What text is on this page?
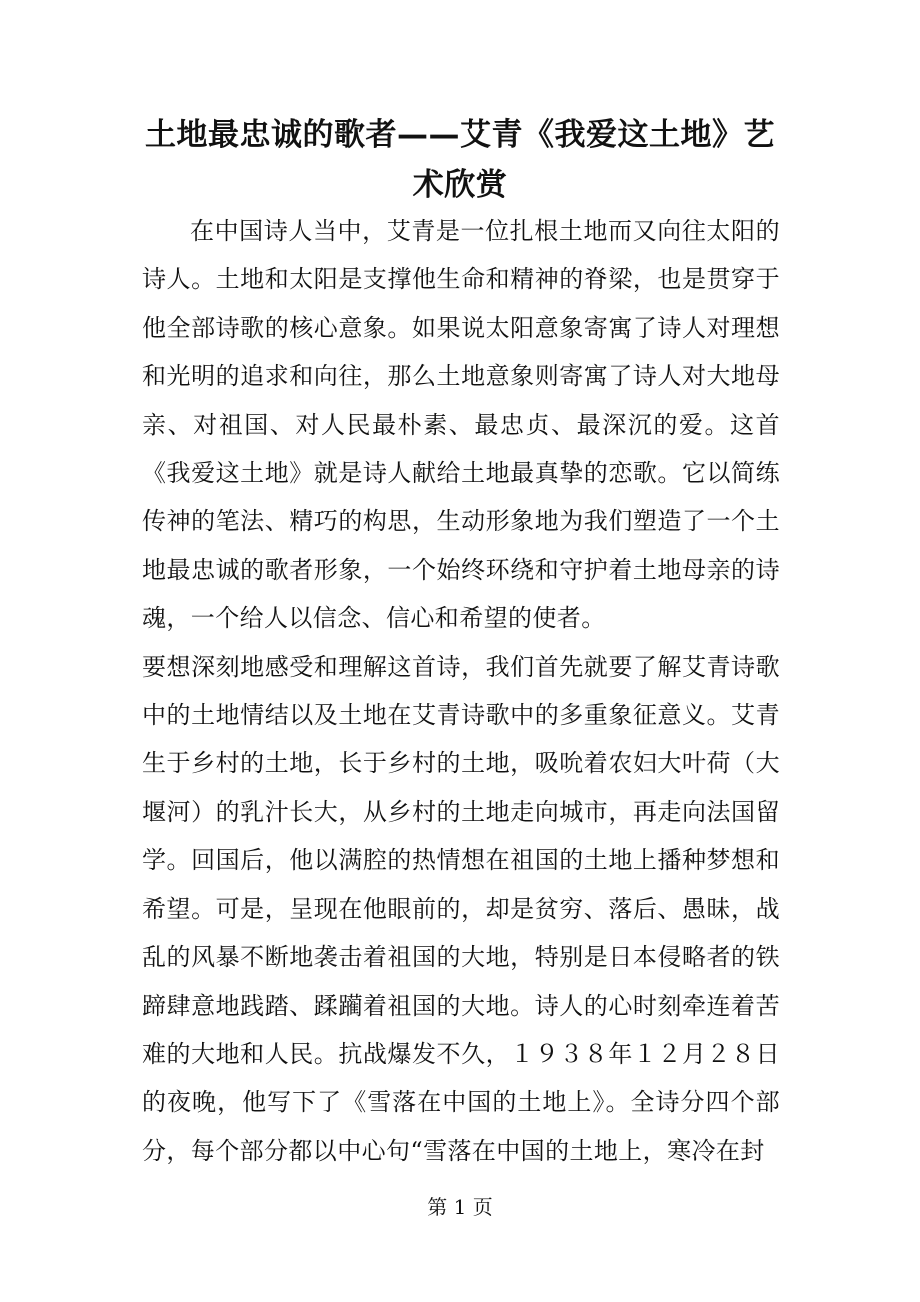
土地最忠诚的歌者——艾青《我爱这土地》艺术欣赏

在中国诗人当中，艾青是一位扎根土地而又向往太阳的诗人。土地和太阳是支撑他生命和精神的脊梁，也是贯穿于他全部诗歌的核心意象。如果说太阳意象寄寓了诗人对理想和光明的追求和向往，那么土地意象则寄寓了诗人对大地母亲、对祖国、对人民最朴素、最忠贞、最深沉的爱。这首《我爱这土地》就是诗人献给土地最真挚的恋歌。它以简练传神的笔法、精巧的构思，生动形象地为我们塑造了一个土地最忠诚的歌者形象，一个始终环绕和守护着土地母亲的诗魂，一个给人以信念、信心和希望的使者。

要想深刻地感受和理解这首诗，我们首先就要了解艾青诗歌中的土地情结以及土地在艾青诗歌中的多重象征意义。艾青生于乡村的土地，长于乡村的土地，吸吮着农妇大叶荷（大堰河）的乳汁长大，从乡村的土地走向城市，再走向法国留学。回国后，他以满腔的热情想在祖国的土地上播种梦想和希望。可是，呈现在他眼前的，却是贫穷、落后、愚昧，战乱的风暴不断地袭击着祖国的大地，特别是日本侵略者的铁蹄肆意地践踏、蹂躏着祖国的大地。诗人的心时刻牵连着苦难的大地和人民。抗战爆发不久，１９３８年１２月２８日的夜晚，他写下了《雪落在中国的土地上》。全诗分四个部分，每个部分都以中心句“雪落在中国的土地上，寒冷在封

第 1 页
